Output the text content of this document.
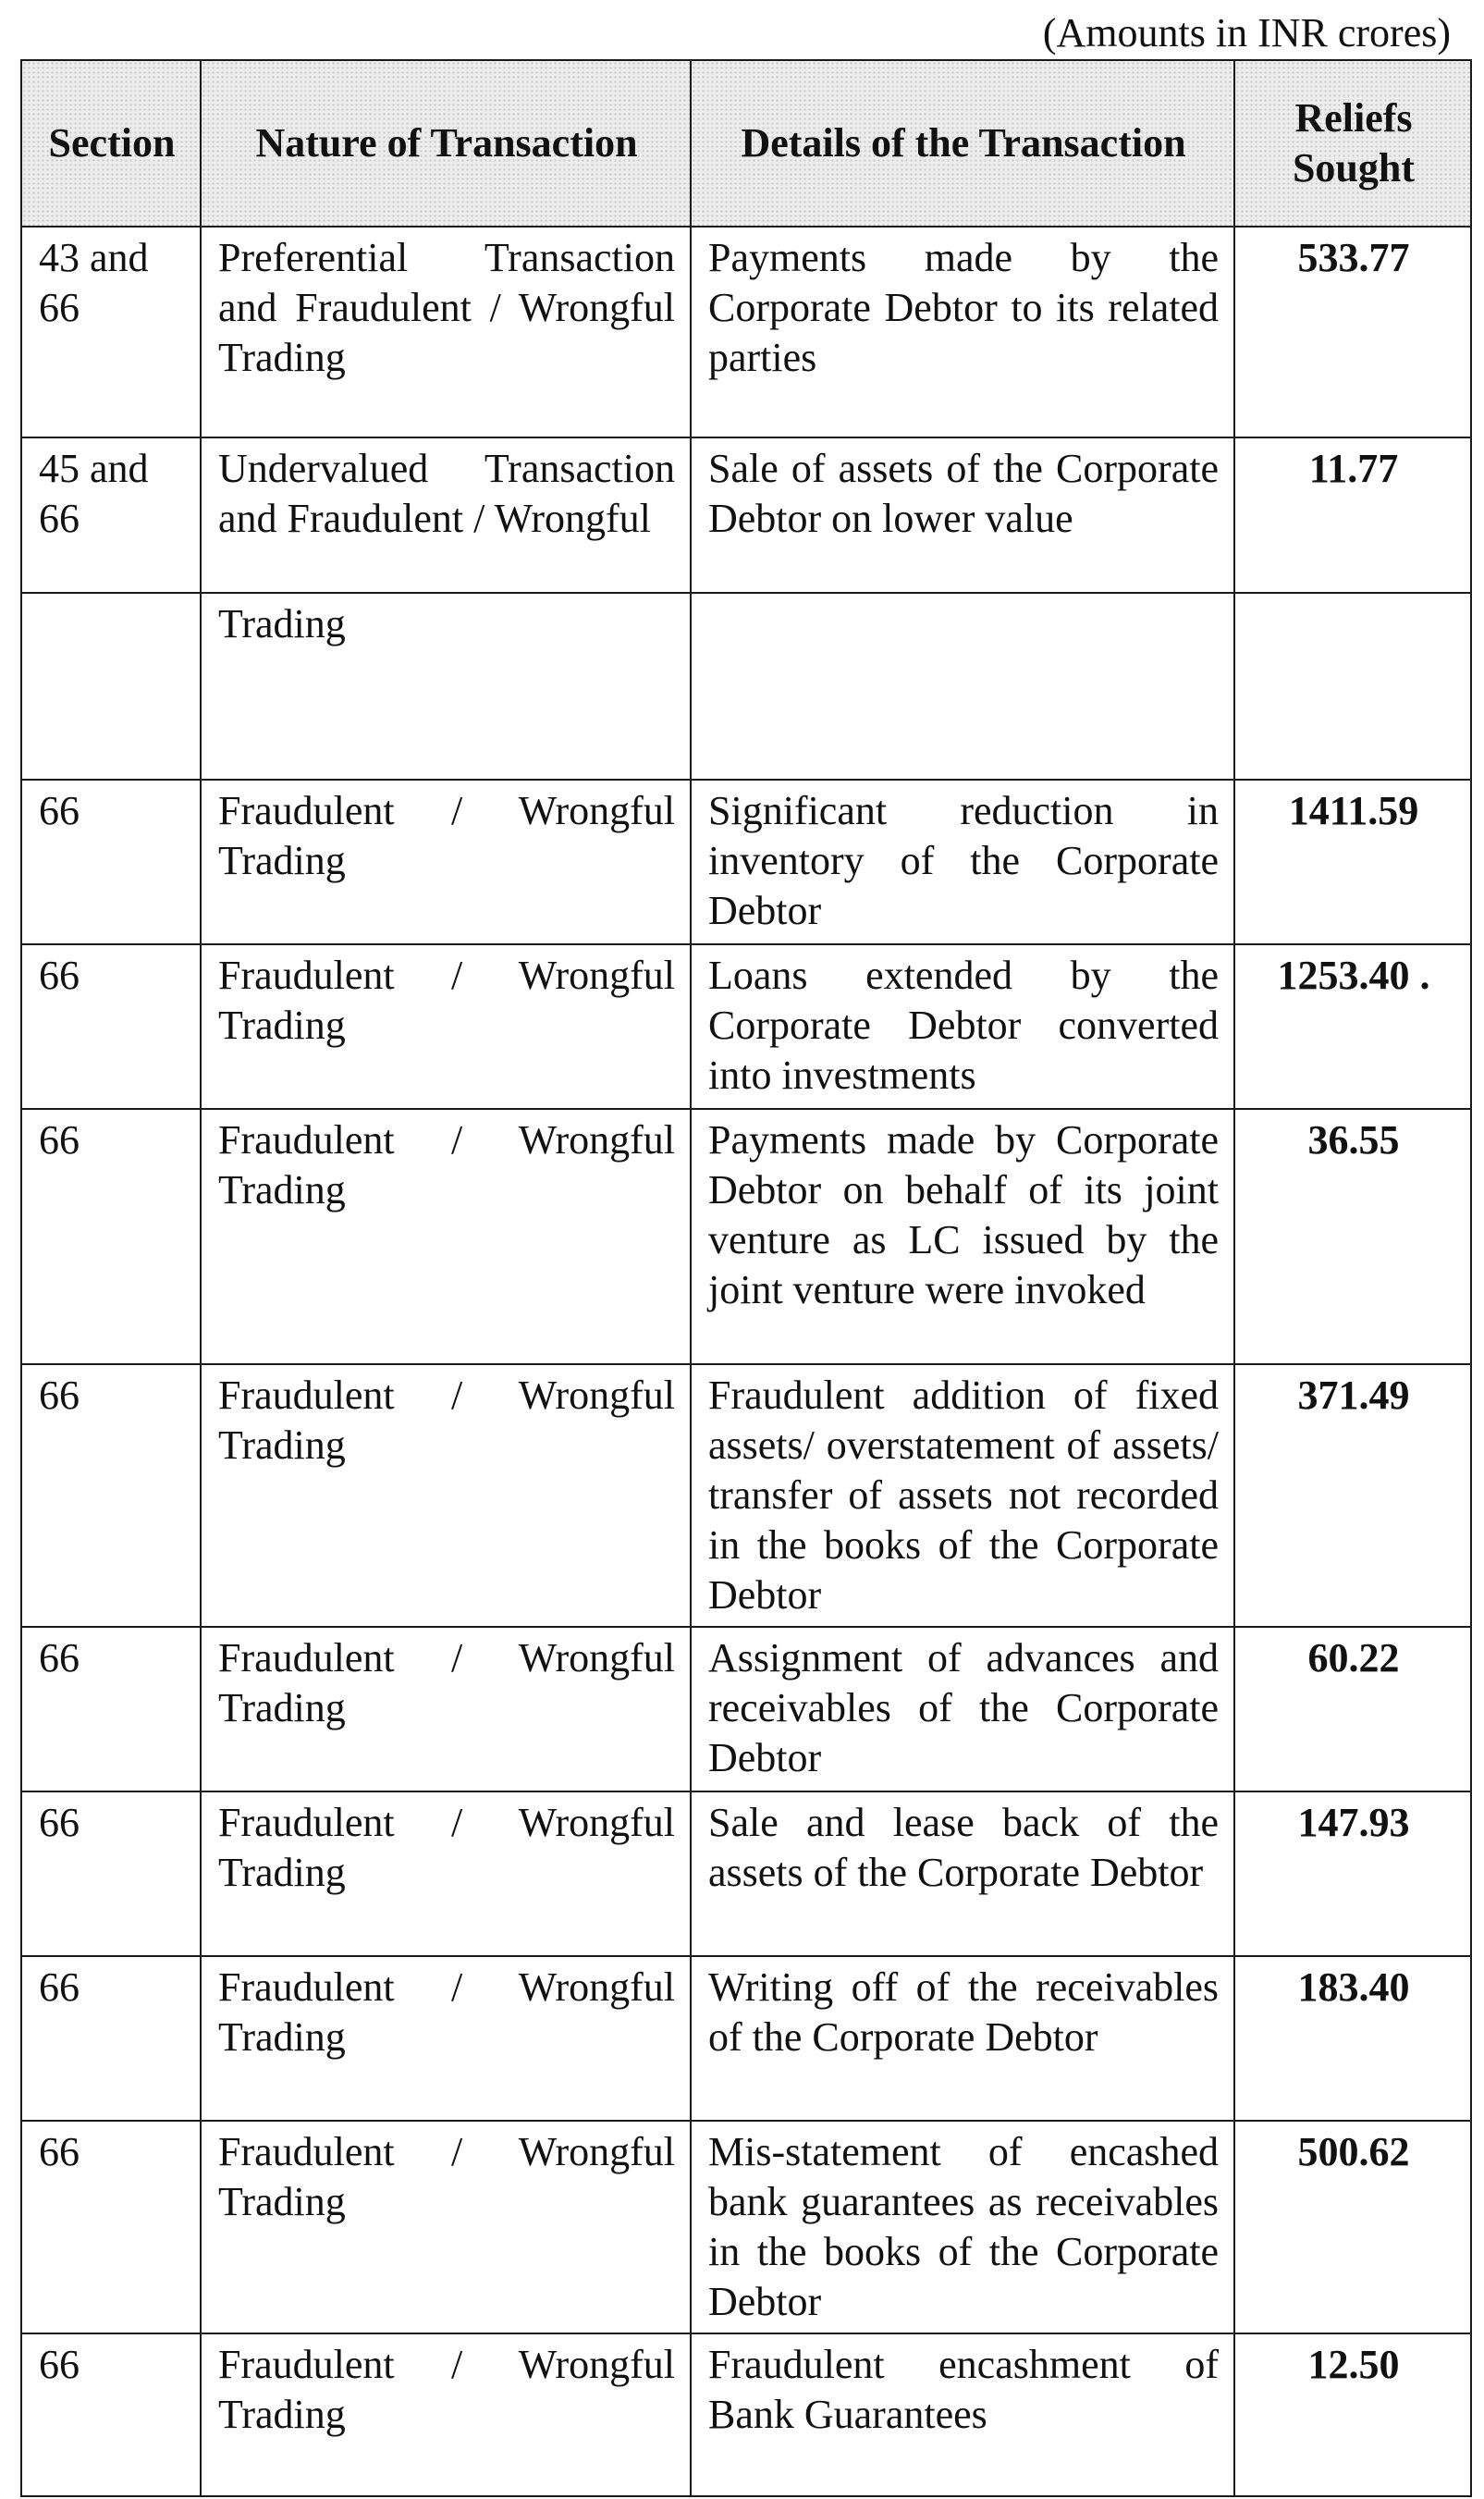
(Amounts in INR crores)
Section	Nature of Transaction	Details of the Transaction	Reliefs Sought
43 and 66	Preferential Transaction and Fraudulent / Wrongful Trading	Payments made by the Corporate Debtor to its related parties	533.77
45 and 66	Undervalued Transaction and Fraudulent / Wrongful	Sale of assets of the Corporate Debtor on lower value	11.77
	Trading		
66	Fraudulent / Wrongful Trading	Significant reduction in inventory of the Corporate Debtor	1411.59
66	Fraudulent / Wrongful Trading	Loans extended by the Corporate Debtor converted into investments	1253.40 .
66	Fraudulent / Wrongful Trading	Payments made by Corporate Debtor on behalf of its joint venture as LC issued by the joint venture were invoked	36.55
66	Fraudulent / Wrongful Trading	Fraudulent addition of fixed assets/ overstatement of assets/ transfer of assets not recorded in the books of the Corporate Debtor	371.49
66	Fraudulent / Wrongful Trading	Assignment of advances and receivables of the Corporate Debtor	60.22
66	Fraudulent / Wrongful Trading	Sale and lease back of the assets of the Corporate Debtor	147.93
66	Fraudulent / Wrongful Trading	Writing off of the receivables of the Corporate Debtor	183.40
66	Fraudulent / Wrongful Trading	Mis-statement of encashed bank guarantees as receivables in the books of the Corporate Debtor	500.62
66	Fraudulent / Wrongful Trading	Fraudulent encashment of Bank Guarantees	12.50
